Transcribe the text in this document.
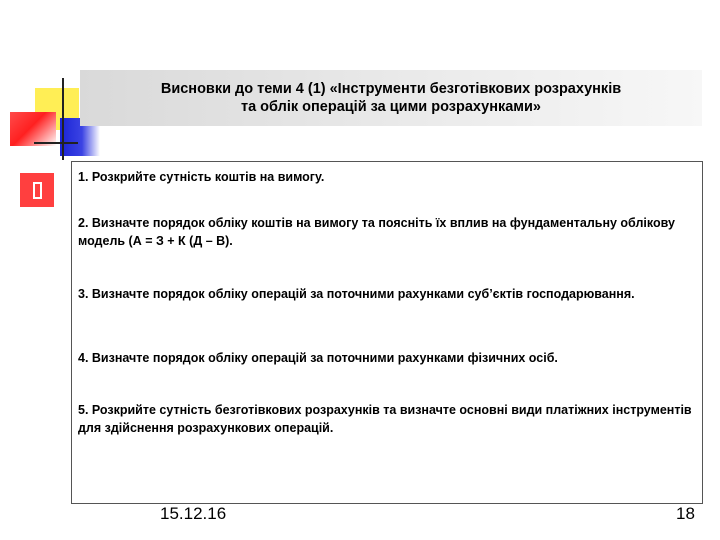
Висновки до теми 4 (1) «Інструменти безготівкових розрахунків
та облік операцій за цими розрахунками»
1. Розкрийте сутність коштів на вимогу.
2. Визначте порядок обліку коштів на вимогу та поясніть їх вплив на фундаментальну облікову модель (А = З + К (Д – В).
3. Визначте порядок обліку операцій за поточними рахунками суб’єктів господарювання.
4. Визначте порядок обліку операцій за поточними рахунками фізичних осіб.
5. Розкрийте сутність безготівкових розрахунків та визначте основні види платіжних інструментів для здійснення розрахункових операцій.
15.12.16	18
